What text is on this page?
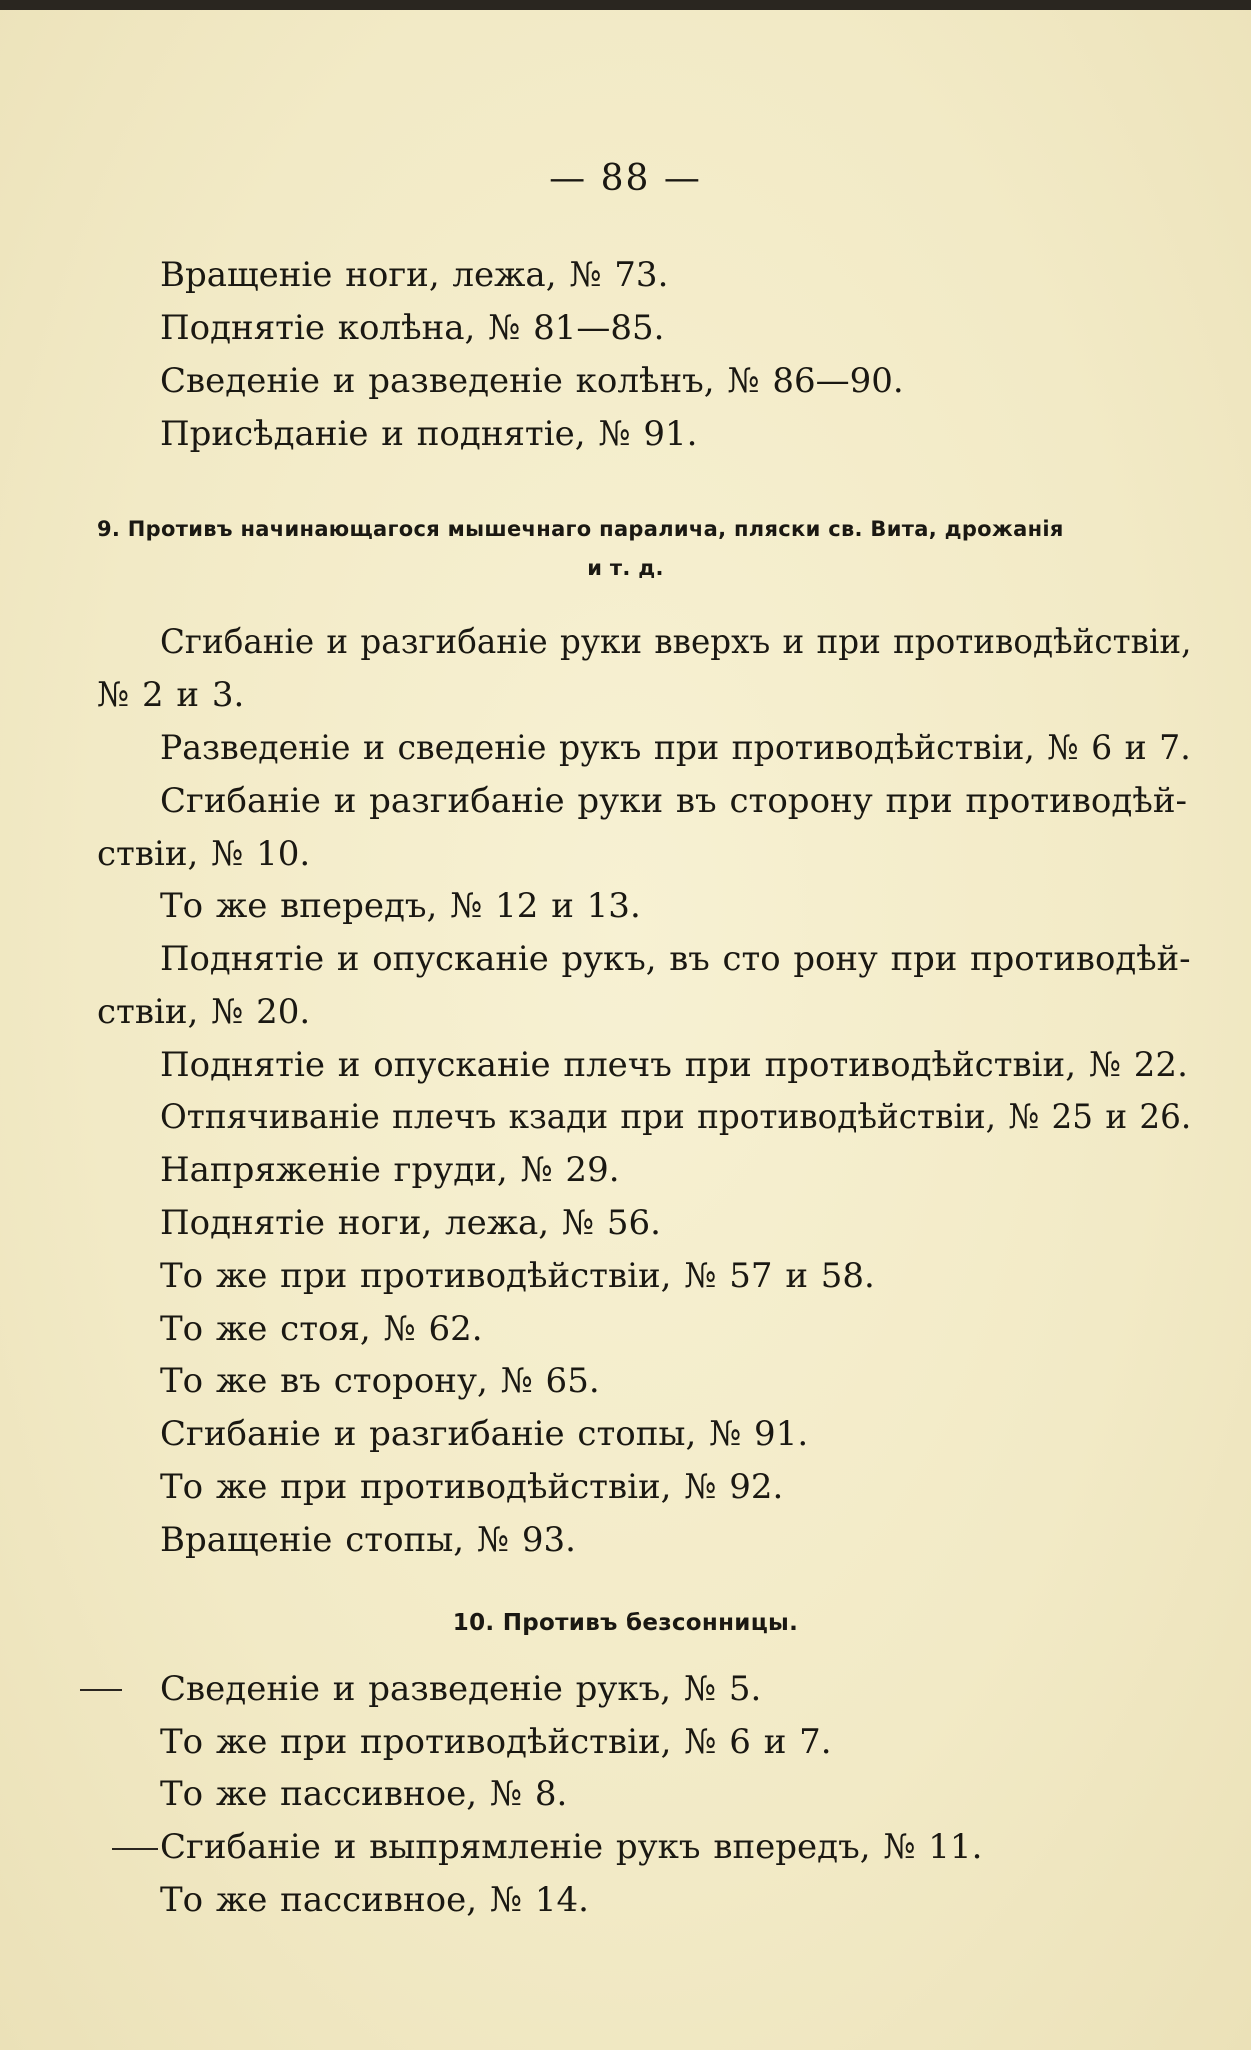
— 88 —
Вращеніе ноги, лежа, № 73.
Поднятіе колѣна, № 81—85.
Сведеніе и разведеніе колѣнъ, № 86—90.
Присѣданіе и поднятіе, № 91.
9. Противъ начинающагося мышечнаго паралича, пляски св. Вита, дрожанія
и т. д.
Сгибаніе и разгибаніе руки вверхъ и при противодѣйствіи,
№ 2 и 3.
Разведеніе и сведеніе рукъ при противодѣйствіи, № 6 и 7.
Сгибаніе и разгибаніе руки въ сторону при противодѣй-
ствіи, № 10.
То же впередъ, № 12 и 13.
Поднятіе и опусканіе рукъ, въ сто рону при противодѣй-
ствіи, № 20.
Поднятіе и опусканіе плечъ при противодѣйствіи, № 22.
Отпячиваніе плечъ кзади при противодѣйствіи, № 25 и 26.
Напряженіе груди, № 29.
Поднятіе ноги, лежа, № 56.
То же при противодѣйствіи, № 57 и 58.
То же стоя, № 62.
То же въ сторону, № 65.
Сгибаніе и разгибаніе стопы, № 91.
То же при противодѣйствіи, № 92.
Вращеніе стопы, № 93.
10. Противъ безсонницы.
Сведеніе и разведеніе рукъ, № 5.
То же при противодѣйствіи, № 6 и 7.
То же пассивное, № 8.
Сгибаніе и выпрямленіе рукъ впередъ, № 11.
То же пассивное, № 14.
